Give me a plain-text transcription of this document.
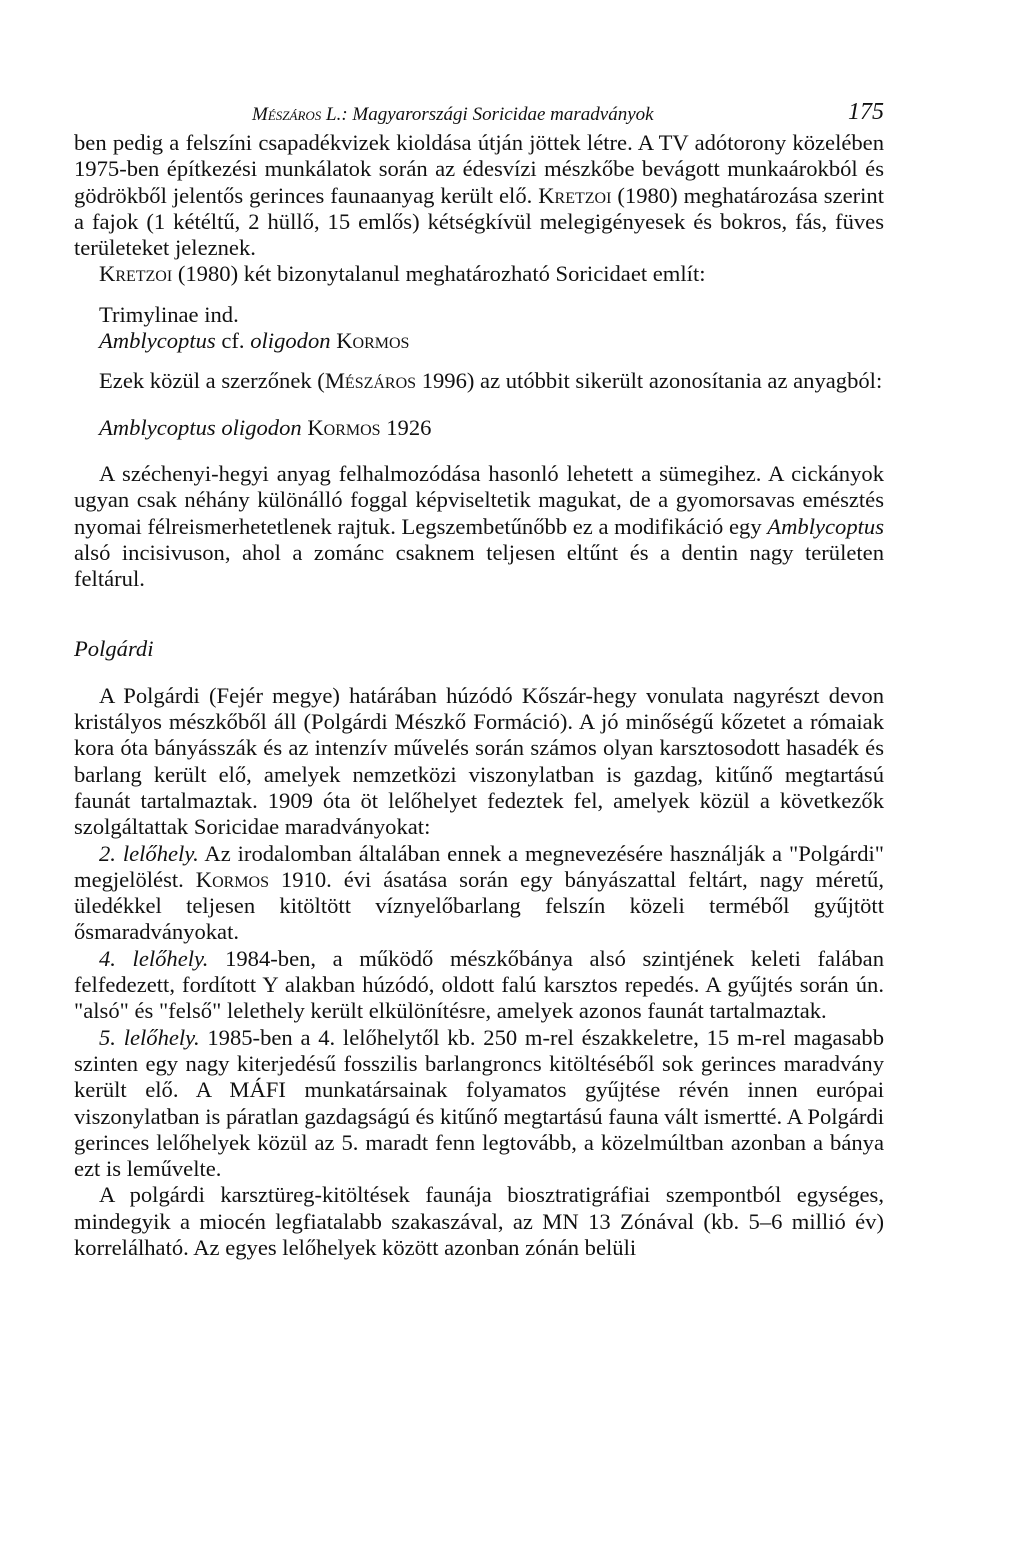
Mészáros L.: Magyarországi Soricidae maradványok	175

ben pedig a felszíni csapadékvizek kioldása útján jöttek létre. A TV adótorony közelében 1975-ben építkezési munkálatok során az édesvízi mészkőbe bevágott munkaárokból és gödrökből jelentős gerinces faunaanyag került elő. Kretzoi (1980) meghatározása szerint a fajok (1 kétéltű, 2 hüllő, 15 emlős) kétségkívül melegigényesek és bokros, fás, füves területeket jeleznek.

Kretzoi (1980) két bizonytalanul meghatározható Soricidaet említ:

Trimylinae ind.

Amblycoptus cf. oligodon Kormos

Ezek közül a szerzőnek (Mészáros 1996) az utóbbit sikerült azonosítania az anyagból:

Amblycoptus oligodon Kormos 1926

A széchenyi-hegyi anyag felhalmozódása hasonló lehetett a sümegihez. A cickányok ugyan csak néhány különálló foggal képviseltetik magukat, de a gyomorsavas emésztés nyomai félreismerhetetlenek rajtuk. Legszembetűnőbb ez a modifikáció egy Amblycoptus alsó incisivuson, ahol a zománc csaknem teljesen eltűnt és a dentin nagy területen feltárul.

Polgárdi

A Polgárdi (Fejér megye) határában húzódó Kőszár-hegy vonulata nagyrészt devon kristályos mészkőből áll (Polgárdi Mészkő Formáció). A jó minőségű kőzetet a rómaiak kora óta bányásszák és az intenzív művelés során számos olyan karsztosodott hasadék és barlang került elő, amelyek nemzetközi viszonylatban is gazdag, kitűnő megtartású faunát tartalmaztak. 1909 óta öt lelőhelyet fedeztek fel, amelyek közül a következők szolgáltattak Soricidae maradványokat:

2. lelőhely. Az irodalomban általában ennek a megnevezésére használják a "Polgárdi" megjelölést. Kormos 1910. évi ásatása során egy bányászattal feltárt, nagy méretű, üledékkel teljesen kitöltött víznyelőbarlang felszín közeli terméből gyűjtött ősmaradványokat.

4. lelőhely. 1984-ben, a működő mészkőbánya alsó szintjének keleti falában felfedezett, fordított Y alakban húzódó, oldott falú karsztos repedés. A gyűjtés során ún. "alsó" és "felső" lelethely került elkülönítésre, amelyek azonos faunát tartalmaztak.

5. lelőhely. 1985-ben a 4. lelőhelytől kb. 250 m-rel északkeletre, 15 m-rel magasabb szinten egy nagy kiterjedésű fosszilis barlangroncs kitöltéséből sok gerinces maradvány került elő. A MÁFI munkatársainak folyamatos gyűjtése révén innen európai viszonylatban is páratlan gazdagságú és kitűnő megtartású fauna vált ismertté. A Polgárdi gerinces lelőhelyek közül az 5. maradt fenn legtovább, a közelmúltban azonban a bánya ezt is leművelte.

A polgárdi karsztüreg-kitöltések faunája biosztratigráfiai szempontból egységes, mindegyik a miocén legfiatalabb szakaszával, az MN 13 Zónával (kb. 5–6 millió év) korrelálható. Az egyes lelőhelyek között azonban zónán belüli
